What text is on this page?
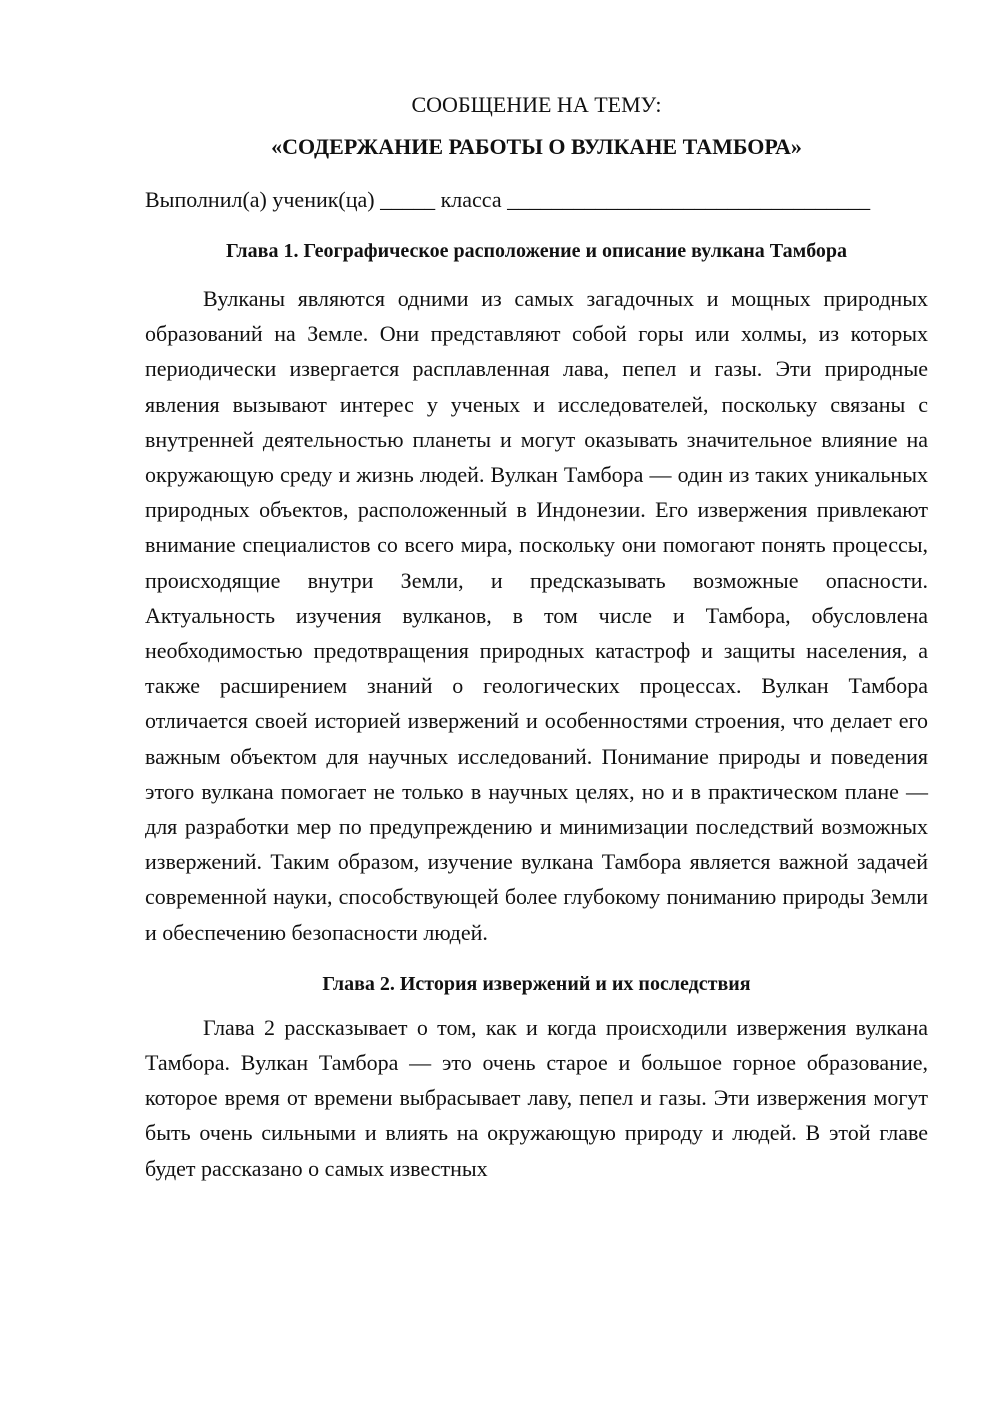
СООБЩЕНИЕ НА ТЕМУ:

«СОДЕРЖАНИЕ РАБОТЫ О ВУЛКАНЕ ТАМБОРА»

Выполнил(а) ученик(ца) _____ класса _________________________________
Глава 1. Географическое расположение и описание вулкана Тамбора

Вулканы являются одними из самых загадочных и мощных природных образований на Земле. Они представляют собой горы или холмы, из которых периодически извергается расплавленная лава, пепел и газы. Эти природные явления вызывают интерес у ученых и исследователей, поскольку связаны с внутренней деятельностью планеты и могут оказывать значительное влияние на окружающую среду и жизнь людей. Вулкан Тамбора — один из таких уникальных природных объектов, расположенный в Индонезии. Его извержения привлекают внимание специалистов со всего мира, поскольку они помогают понять процессы, происходящие внутри Земли, и предсказывать возможные опасности. Актуальность изучения вулканов, в том числе и Тамбора, обусловлена необходимостью предотвращения природных катастроф и защиты населения, а также расширением знаний о геологических процессах. Вулкан Тамбора отличается своей историей извержений и особенностями строения, что делает его важным объектом для научных исследований. Понимание природы и поведения этого вулкана помогает не только в научных целях, но и в практическом плане — для разработки мер по предупреждению и минимизации последствий возможных извержений. Таким образом, изучение вулкана Тамбора является важной задачей современной науки, способствующей более глубокому пониманию природы Земли и обеспечению безопасности людей.

Глава 2. История извержений и их последствия

Глава 2 рассказывает о том, как и когда происходили извержения вулкана Тамбора. Вулкан Тамбора — это очень старое и большое горное образование, которое время от времени выбрасывает лаву, пепел и газы. Эти извержения могут быть очень сильными и влиять на окружающую природу и людей. В этой главе будет рассказано о самых известных
